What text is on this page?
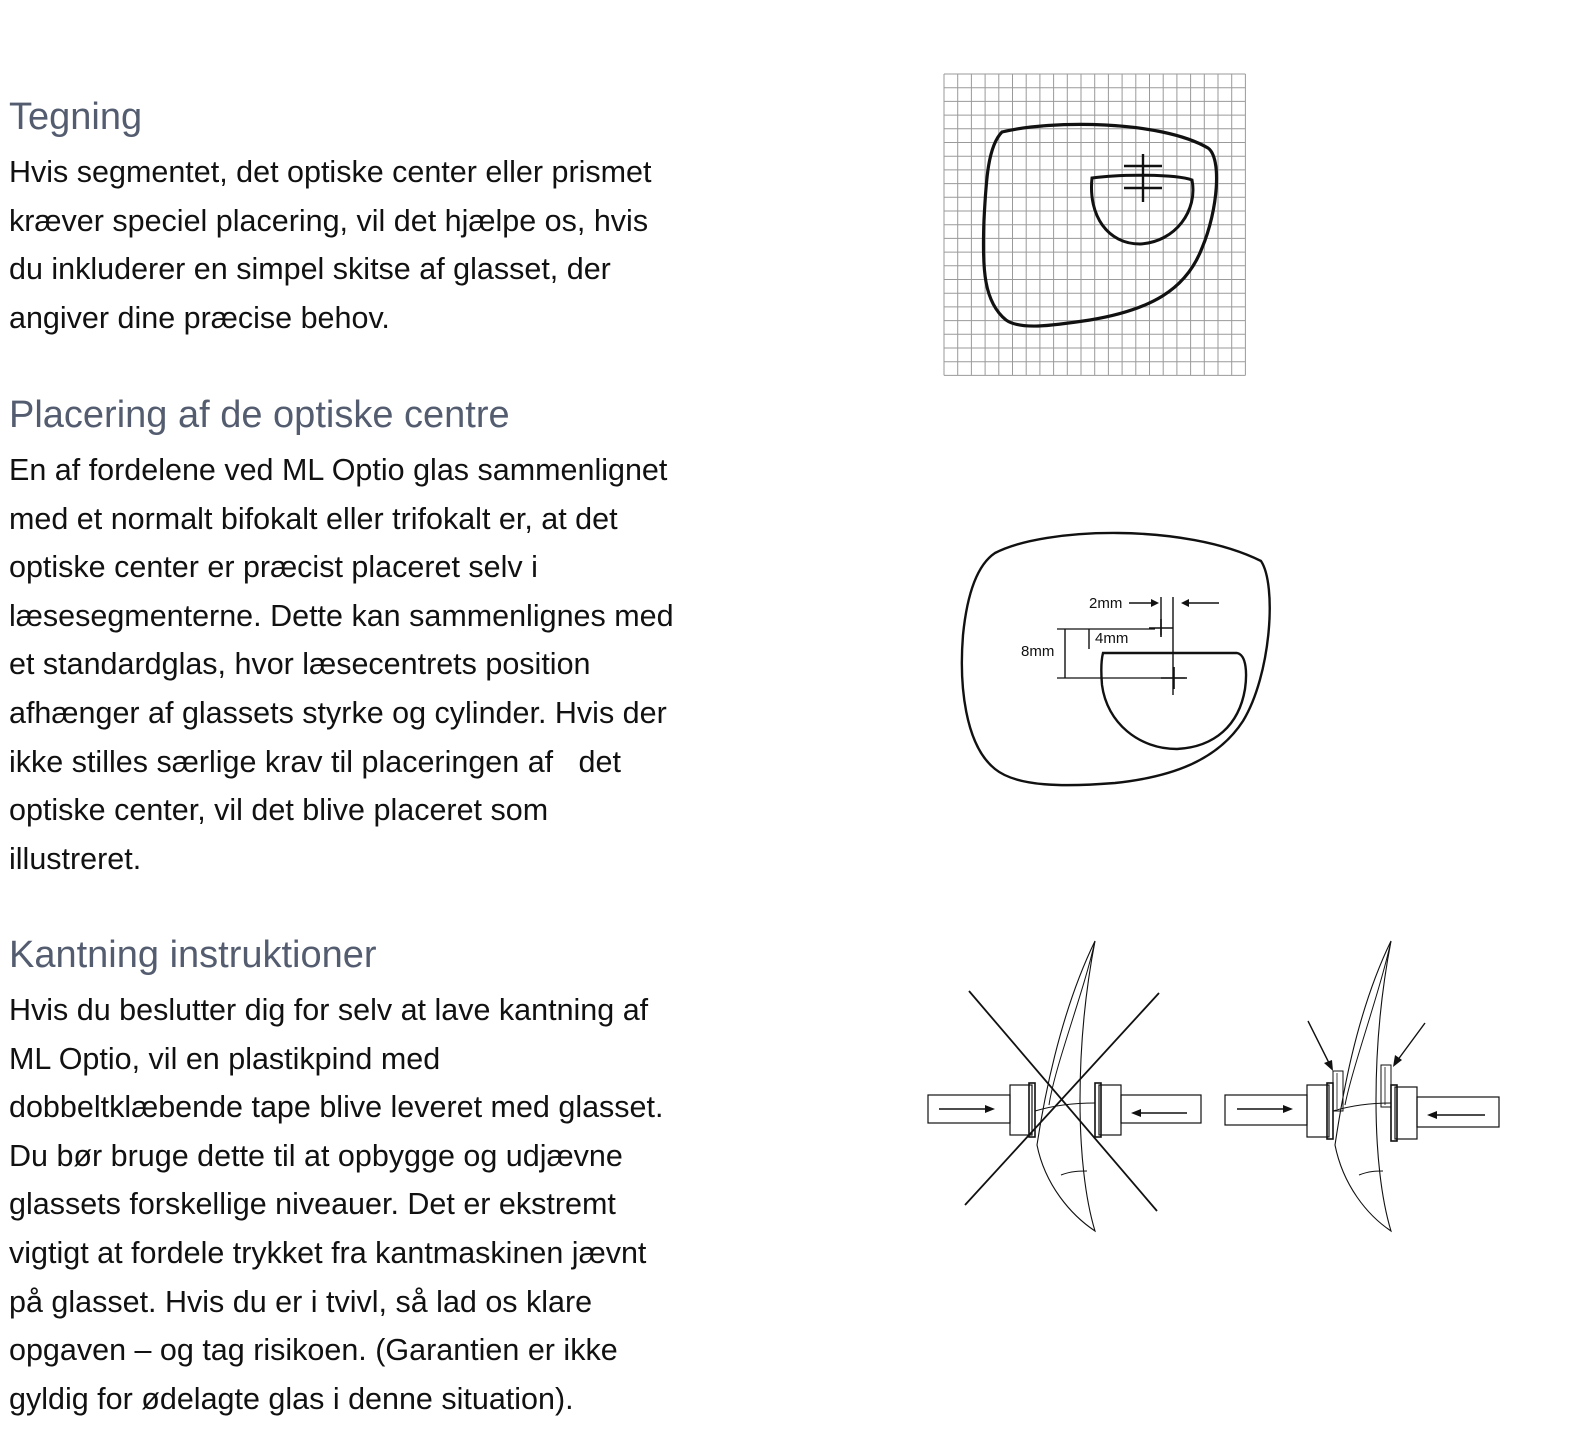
Tegning

Hvis segmentet, det optiske center eller prismet
kræver speciel placering, vil det hjælpe os, hvis
du inkluderer en simpel skitse af glasset, der
angiver dine præcise behov.

Placering af de optiske centre

En af fordelene ved ML Optio glas sammenlignet
med et normalt bifokalt eller trifokalt er, at det
optiske center er præcist placeret selv i
læsesegmenterne. Dette kan sammenlignes med
et standardglas, hvor læsecentrets position
afhænger af glassets styrke og cylinder. Hvis der
ikke stilles særlige krav til placeringen af   det
optiske center, vil det blive placeret som
illustreret.

Kantning instruktioner

Hvis du beslutter dig for selv at lave kantning af
ML Optio, vil en plastikpind med
dobbeltklæbende tape blive leveret med glasset.
Du bør bruge dette til at opbygge og udjævne
glassets forskellige niveauer. Det er ekstremt
vigtigt at fordele trykket fra kantmaskinen jævnt
på glasset. Hvis du er i tvivl, så lad os klare
opgaven – og tag risikoen. (Garantien er ikke
gyldig for ødelagte glas i denne situation).

2mm
4mm
8mm
